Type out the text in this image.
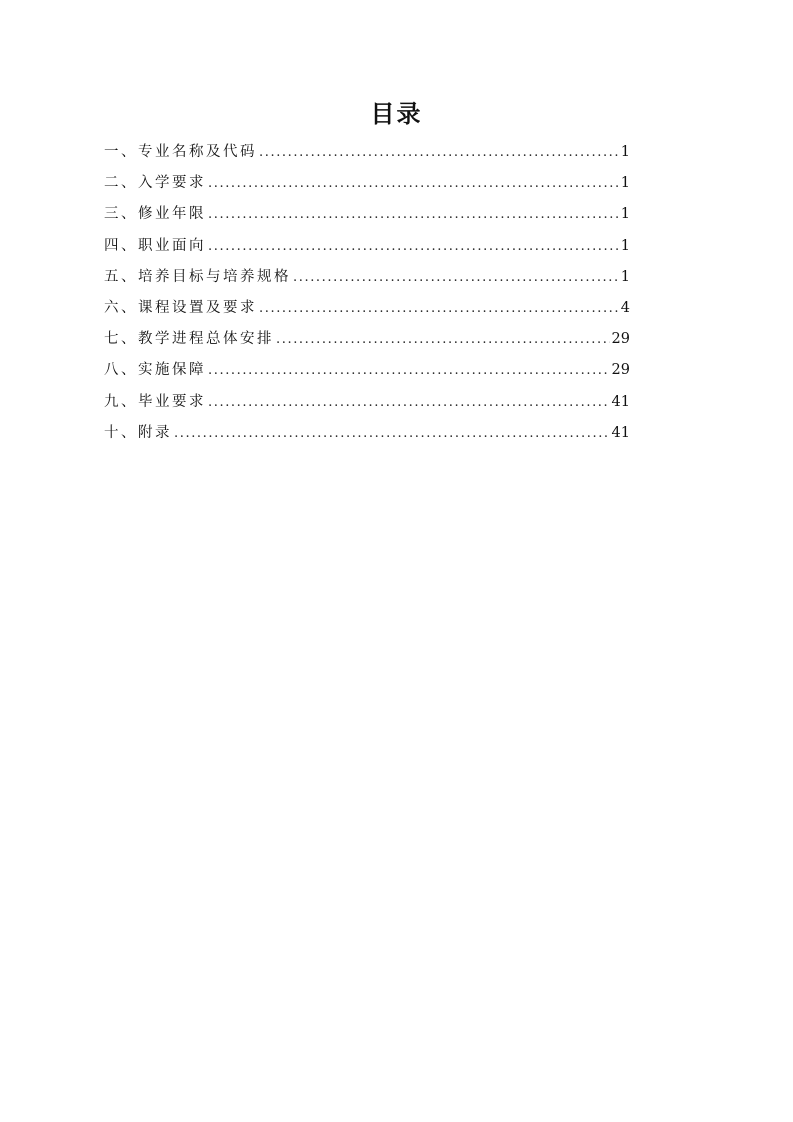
目录
一、专业名称及代码 .....	1
二、入学要求 .....	1
三、修业年限 .....	1
四、职业面向 .....	1
五、培养目标与培养规格 .....	1
六、课程设置及要求 .....	4
七、教学进程总体安排 .....	29
八、实施保障 .....	29
九、毕业要求 .....	41
十、附录 .....	41
